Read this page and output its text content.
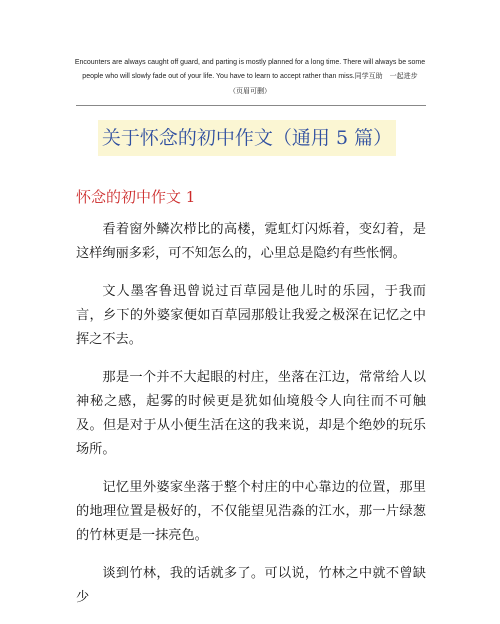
Encounters are always caught off guard, and parting is mostly planned for a long time. There will always be some
people who will slowly fade out of your life. You have to learn to accept rather than miss.同学互助　一起进步
（页眉可删）
关于怀念的初中作文（通用 5 篇）
怀念的初中作文 1

看着窗外鳞次栉比的高楼，霓虹灯闪烁着，变幻着，是这样绚丽多彩，可不知怎么的，心里总是隐约有些怅惘。

文人墨客鲁迅曾说过百草园是他儿时的乐园，于我而言，乡下的外婆家便如百草园那般让我爱之极深在记忆之中挥之不去。

那是一个并不大起眼的村庄，坐落在江边，常常给人以神秘之感，起雾的时候更是犹如仙境般令人向往而不可触及。但是对于从小便生活在这的我来说，却是个绝妙的玩乐场所。

记忆里外婆家坐落于整个村庄的中心靠边的位置，那里的地理位置是极好的，不仅能望见浩淼的江水，那一片绿葱的竹林更是一抹亮色。

谈到竹林，我的话就多了。可以说，竹林之中就不曾缺少
